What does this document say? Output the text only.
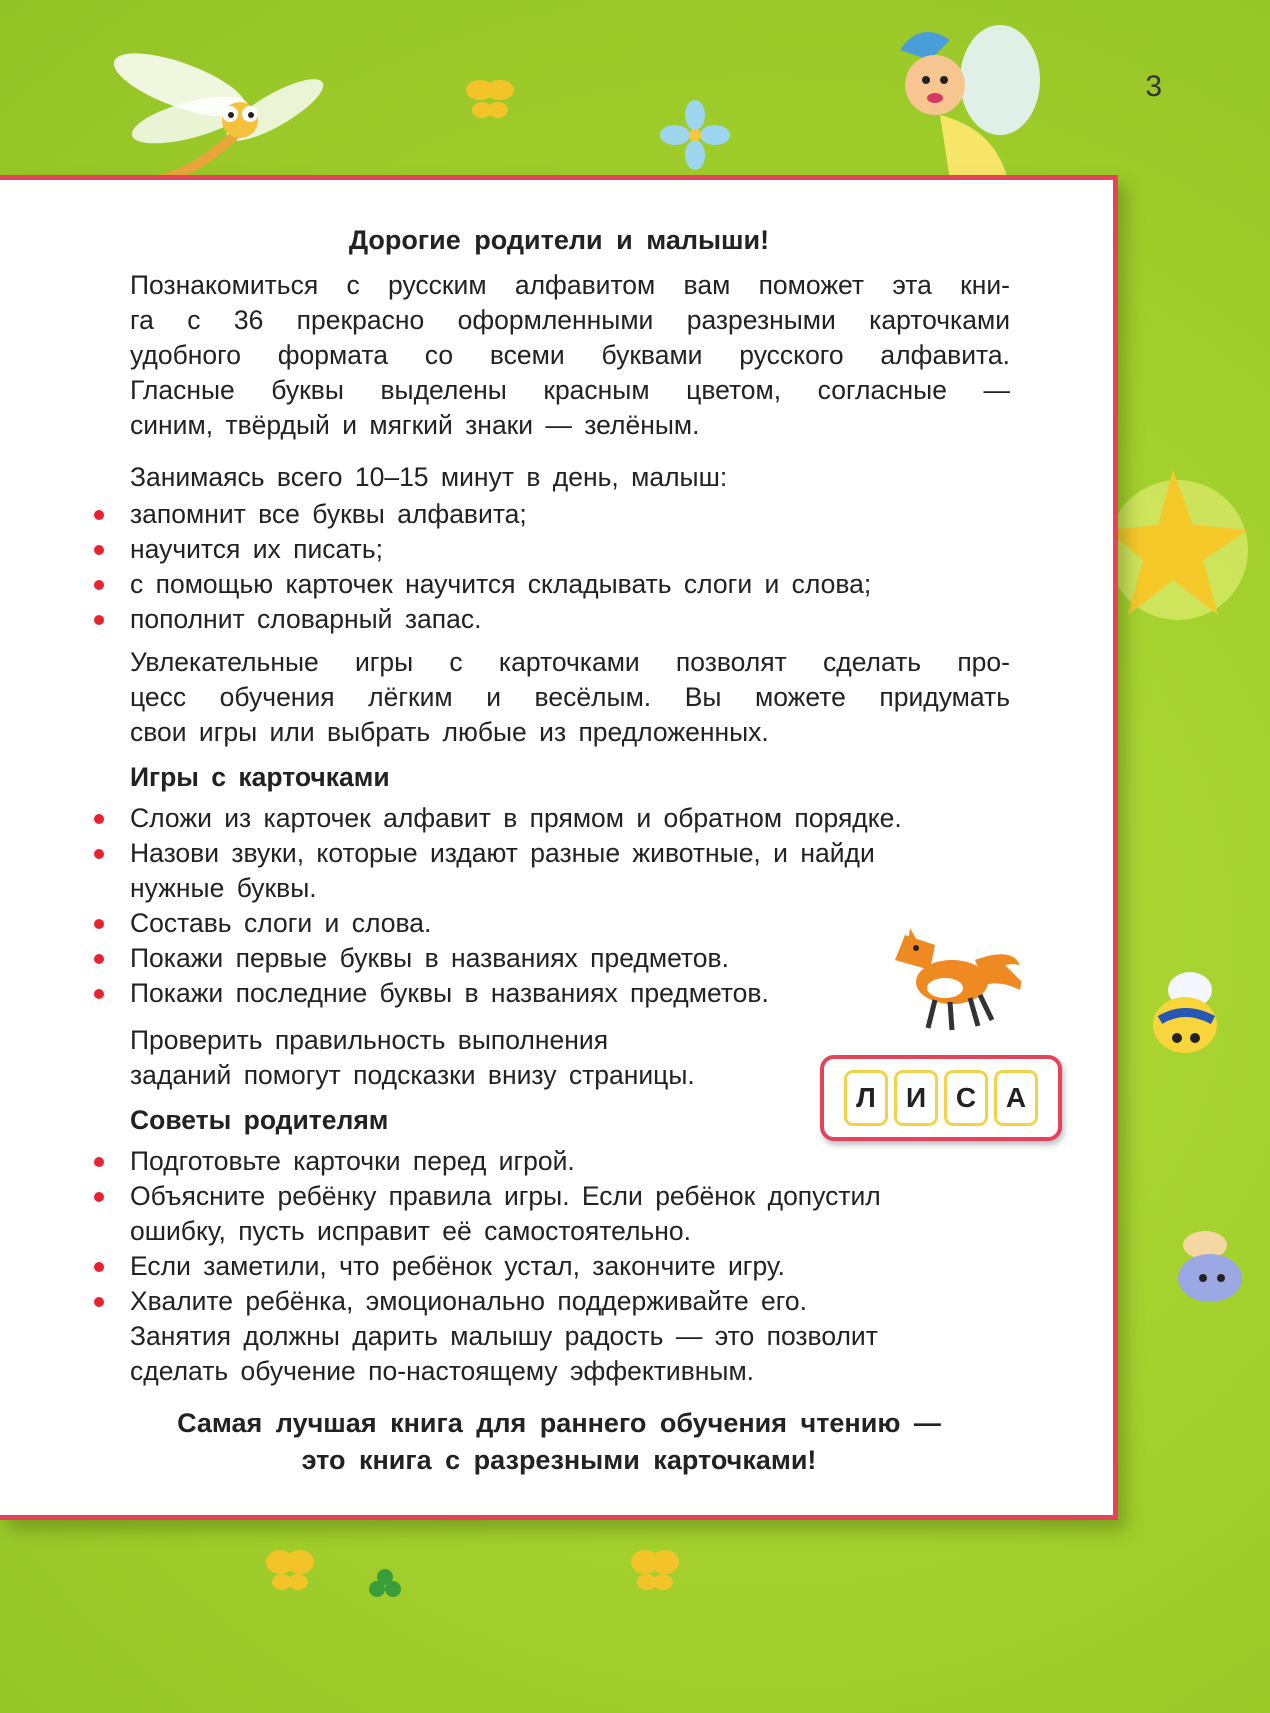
3
Дорогие родители и малыши!
Познакомиться с русским алфавитом вам поможет эта кни-
га с 36 прекрасно оформленными разрезными карточками
удобного формата со всеми буквами русского алфавита.
Гласные буквы выделены красным цветом, согласные —
синим, твёрдый и мягкий знаки — зелёным.
Занимаясь всего 10–15 минут в день, малыш:
запомнит все буквы алфавита;
научится их писать;
с помощью карточек научится складывать слоги и слова;
пополнит словарный запас.
Увлекательные игры с карточками позволят сделать про-
цесс обучения лёгким и весёлым. Вы можете придумать
свои игры или выбрать любые из предложенных.
Игры с карточками
Сложи из карточек алфавит в прямом и обратном порядке.
Назови звуки, которые издают разные животные, и найди
нужные буквы.
Составь слоги и слова.
Покажи первые буквы в названиях предметов.
Покажи последние буквы в названиях предметов.
Проверить правильность выполнения
заданий помогут подсказки внизу страницы.
Советы родителям
Подготовьте карточки перед игрой.
Объясните ребёнку правила игры. Если ребёнок допустил
ошибку, пусть исправит её самостоятельно.
Если заметили, что ребёнок устал, закончите игру.
Хвалите ребёнка, эмоционально поддерживайте его.
Занятия должны дарить малышу радость — это позволит
сделать обучение по-настоящему эффективным.
Самая лучшая книга для раннего обучения чтению —
это книга с разрезными карточками!
Л	И	С	А
